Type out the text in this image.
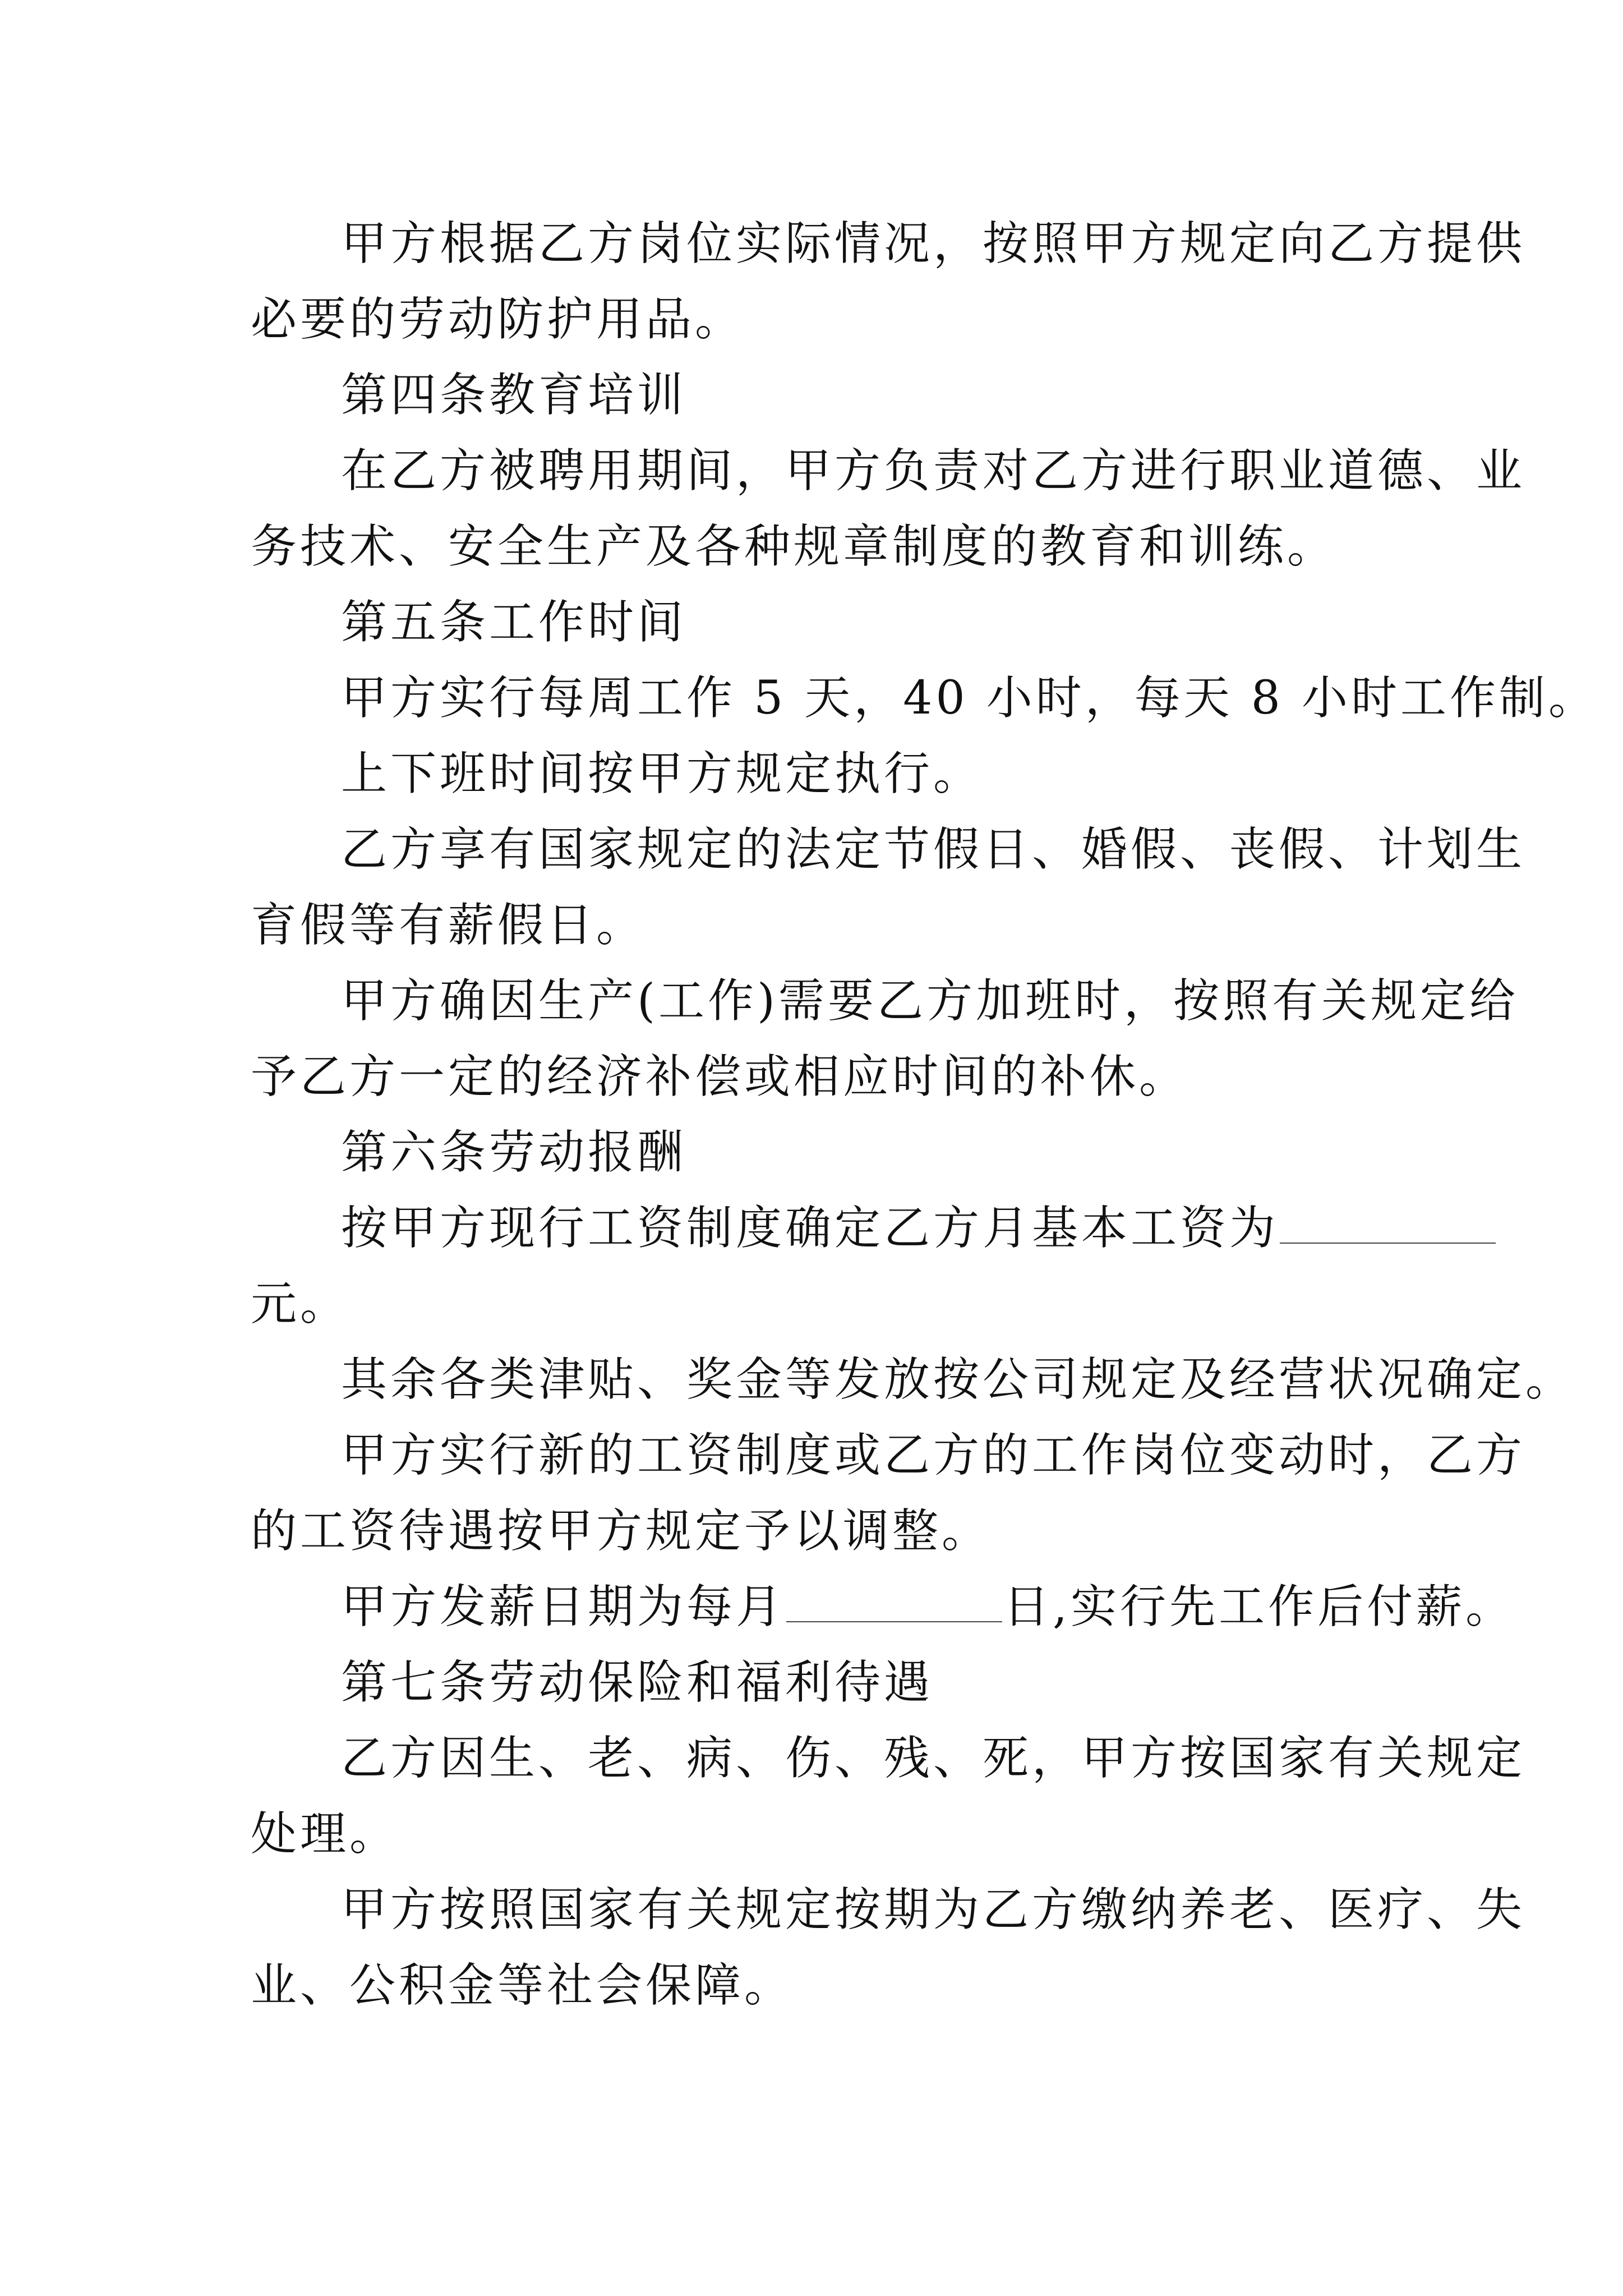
甲方根据乙方岗位实际情况，按照甲方规定向乙方提供
必要的劳动防护用品。
第四条教育培训
在乙方被聘用期间，甲方负责对乙方进行职业道德、业
务技术、安全生产及各种规章制度的教育和训练。
第五条工作时间
甲方实行每周工作 5 天，40 小时，每天 8 小时工作制。
上下班时间按甲方规定执行。
乙方享有国家规定的法定节假日、婚假、丧假、计划生
育假等有薪假日。
甲方确因生产(工作)需要乙方加班时，按照有关规定给
予乙方一定的经济补偿或相应时间的补休。
第六条劳动报酬
按甲方现行工资制度确定乙方月基本工资为
元。
其余各类津贴、奖金等发放按公司规定及经营状况确定。
甲方实行新的工资制度或乙方的工作岗位变动时，乙方
的工资待遇按甲方规定予以调整。
甲方发薪日期为每月	日,实行先工作后付薪。
第七条劳动保险和福利待遇
乙方因生、老、病、伤、残、死，甲方按国家有关规定
处理。
甲方按照国家有关规定按期为乙方缴纳养老、医疗、失
业、公积金等社会保障。
